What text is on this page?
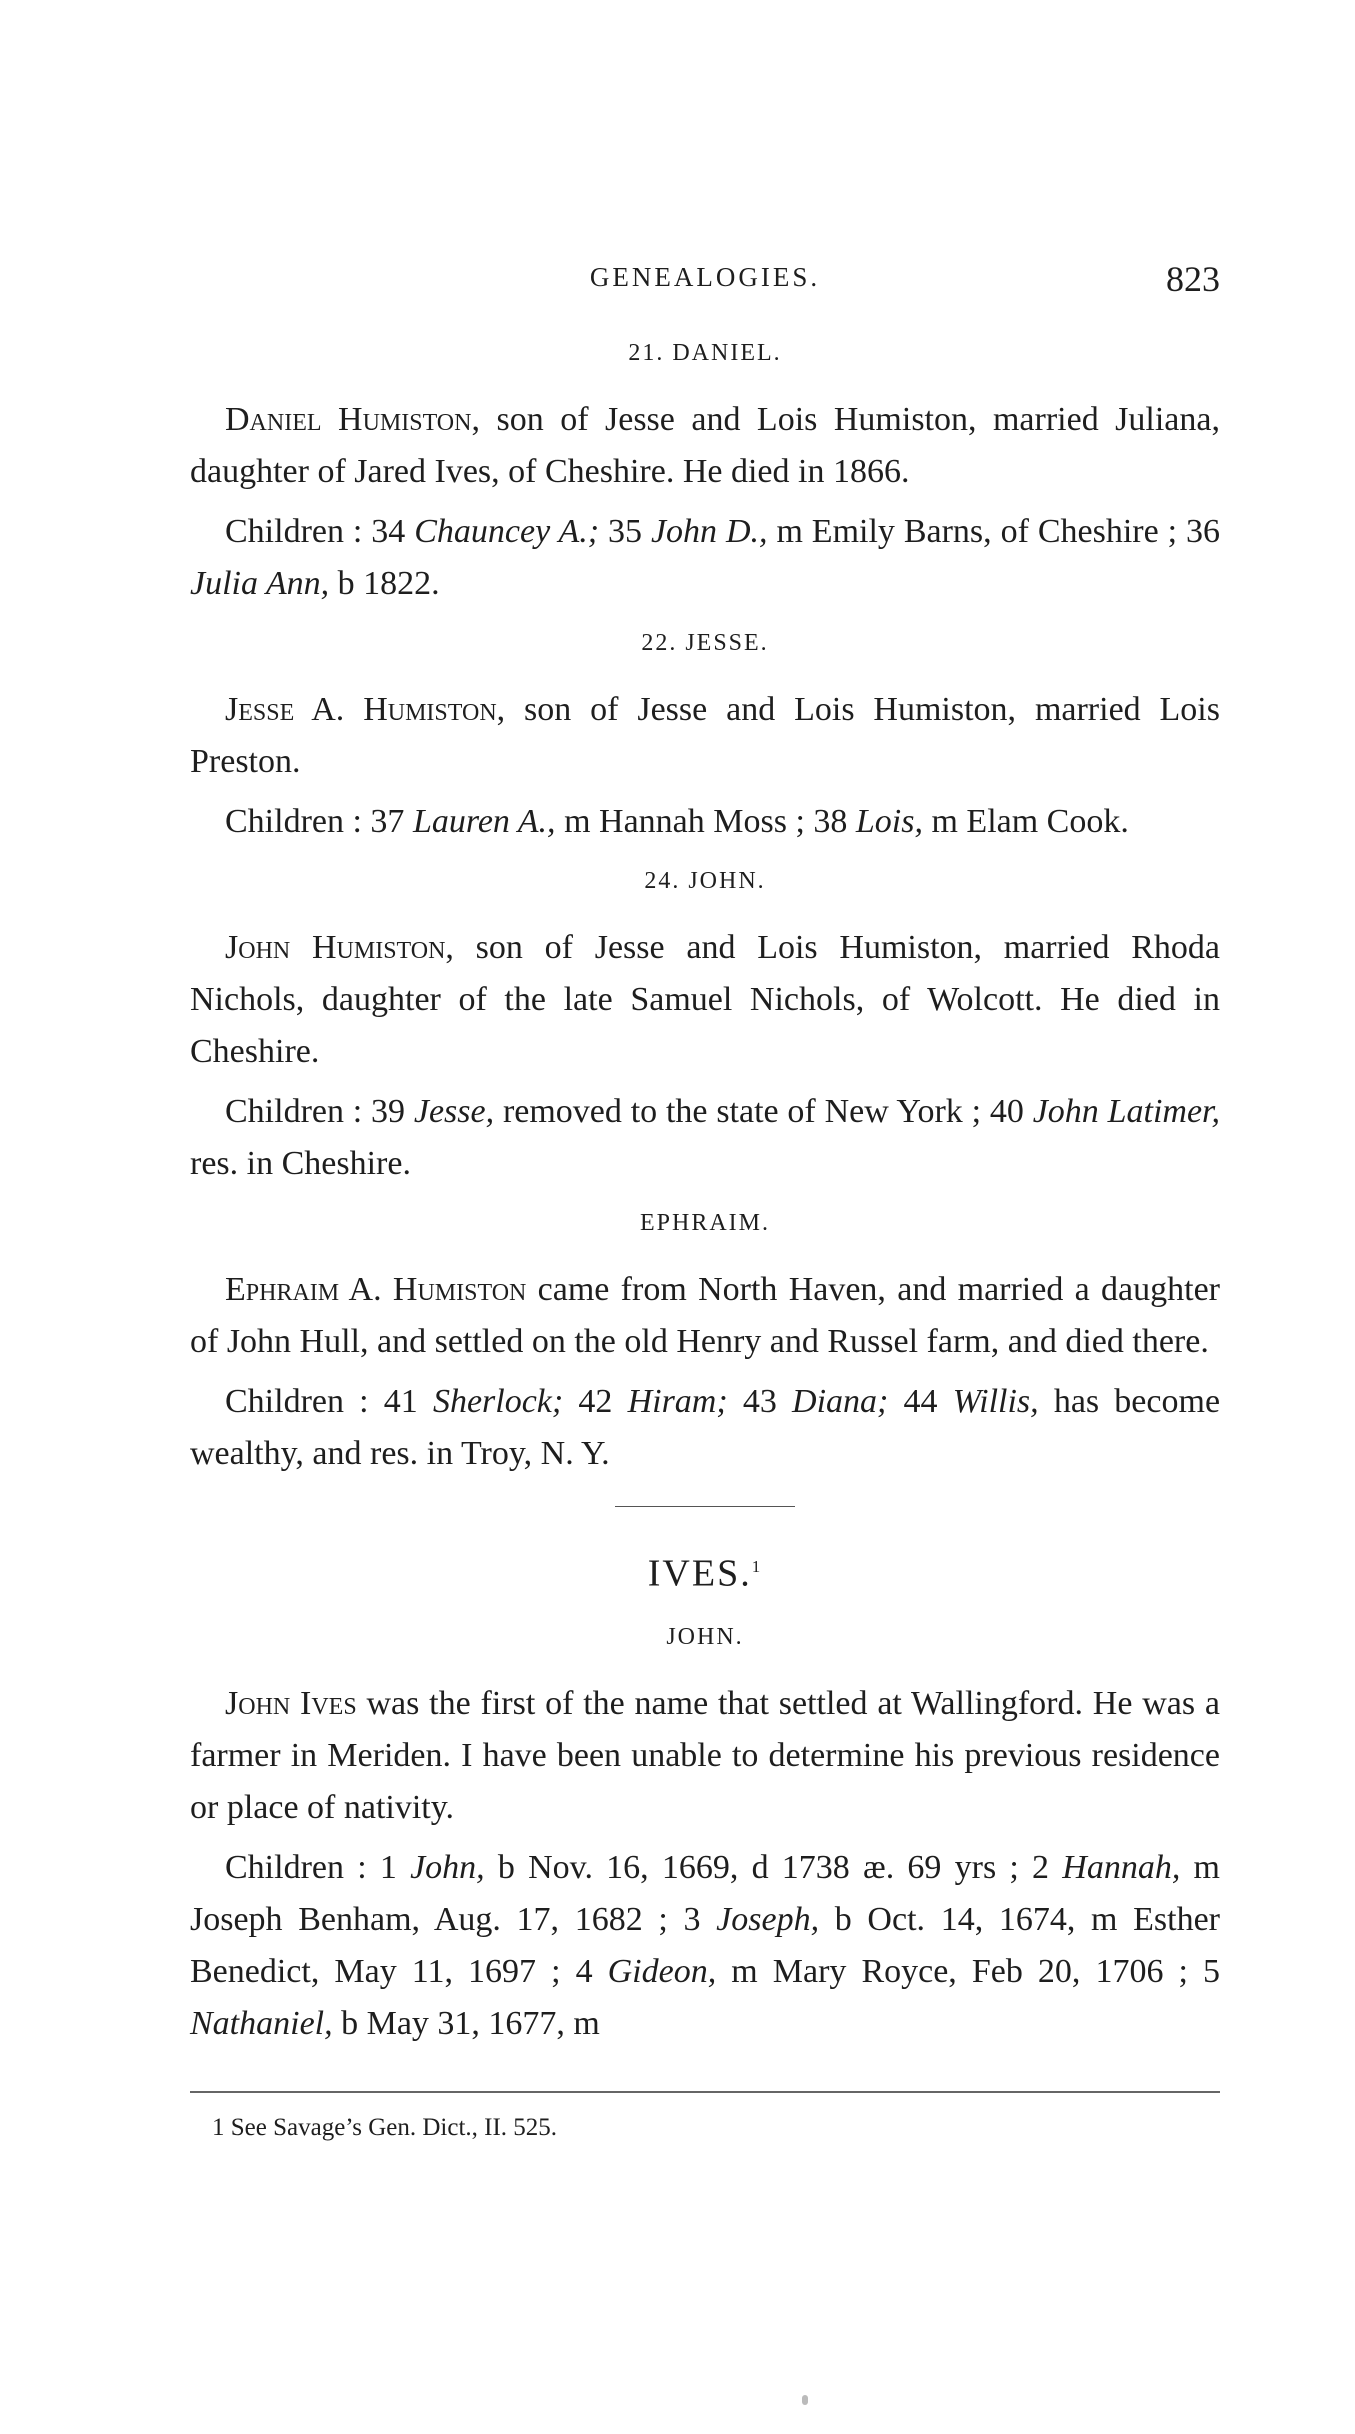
GENEALOGIES.	823
21. DANIEL.

Daniel Humiston, son of Jesse and Lois Humiston, married Juliana, daughter of Jared Ives, of Cheshire. He died in 1866.

Children : 34 Chauncey A.; 35 John D., m Emily Barns, of Cheshire ; 36 Julia Ann, b 1822.

22. JESSE.

Jesse A. Humiston, son of Jesse and Lois Humiston, married Lois Preston.

Children : 37 Lauren A., m Hannah Moss ; 38 Lois, m Elam Cook.

24. JOHN.

John Humiston, son of Jesse and Lois Humiston, married Rhoda Nichols, daughter of the late Samuel Nichols, of Wolcott. He died in Cheshire.

Children : 39 Jesse, removed to the state of New York ; 40 John Latimer, res. in Cheshire.

EPHRAIM.

Ephraim A. Humiston came from North Haven, and married a daughter of John Hull, and settled on the old Henry and Russel farm, and died there.

Children : 41 Sherlock; 42 Hiram; 43 Diana; 44 Willis, has become wealthy, and res. in Troy, N. Y.

IVES.$^1$
JOHN.

John Ives was the first of the name that settled at Wallingford. He was a farmer in Meriden. I have been unable to determine his previous residence or place of nativity.

Children : 1 John, b Nov. 16, 1669, d 1738 æ. 69 yrs ; 2 Hannah, m Joseph Benham, Aug. 17, 1682 ; 3 Joseph, b Oct. 14, 1674, m Esther Benedict, May 11, 1697 ; 4 Gideon, m Mary Royce, Feb 20, 1706 ; 5 Nathaniel, b May 31, 1677, m

1 See Savage’s Gen. Dict., II. 525.
